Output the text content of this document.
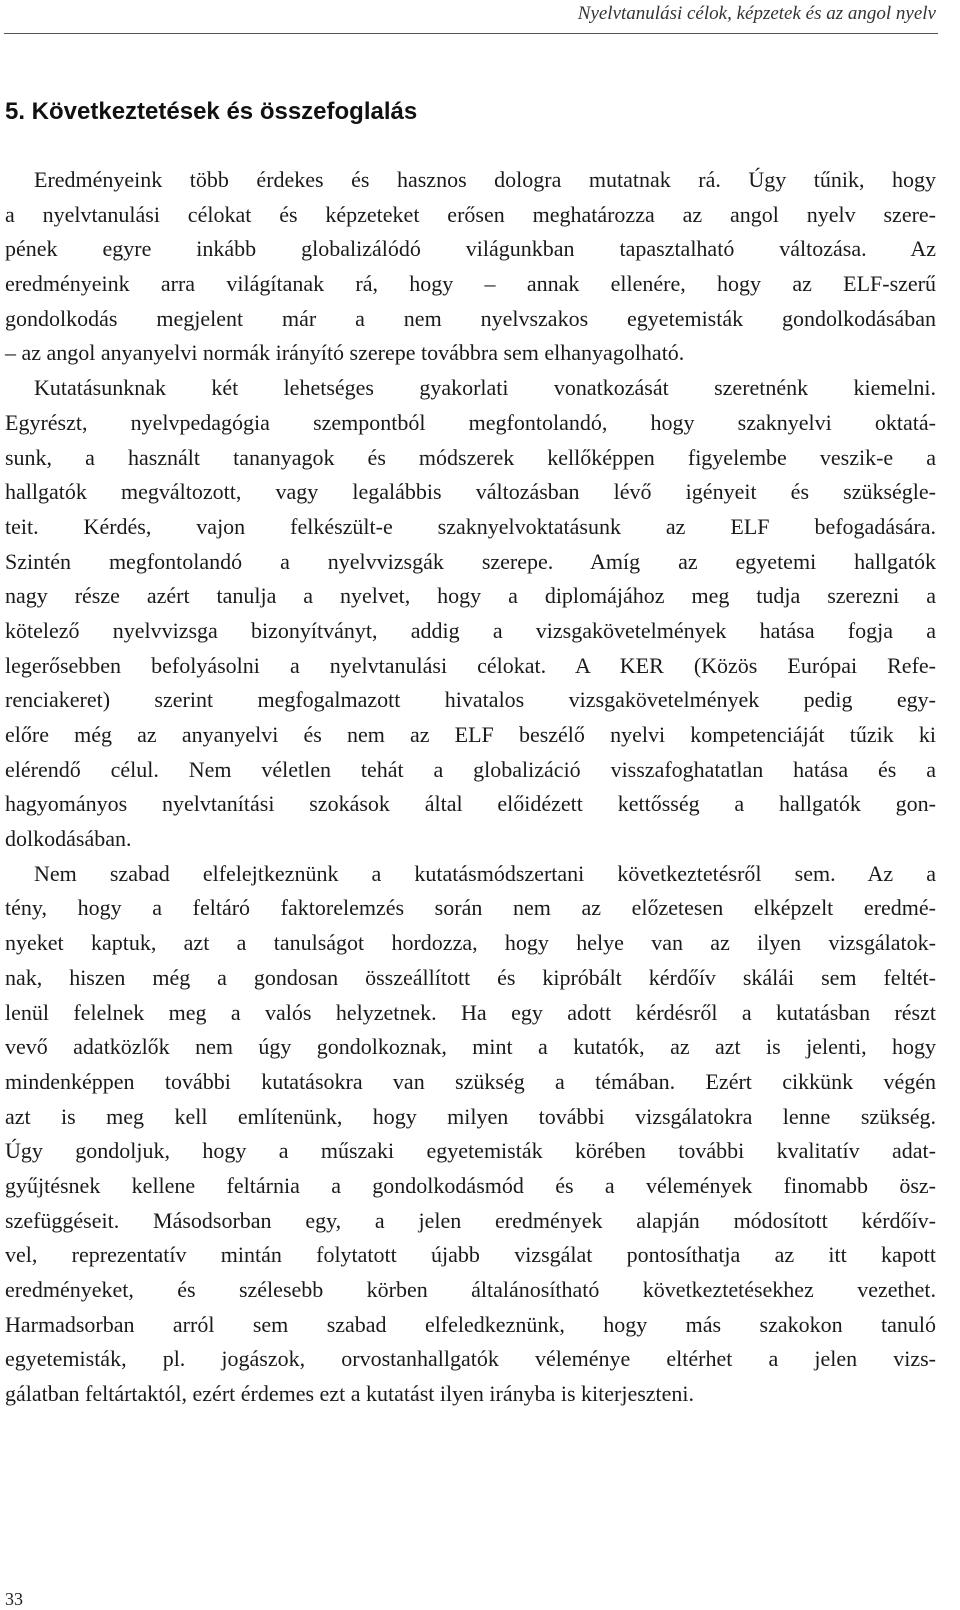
Nyelvtanulási célok, képzetek és az angol nyelv
5. Következtetések és összefoglalás
Eredményeink több érdekes és hasznos dologra mutatnak rá. Úgy tűnik, hogy
a nyelvtanulási célokat és képzeteket erősen meghatározza az angol nyelv szere-
pének egyre inkább globalizálódó világunkban tapasztalható változása. Az
eredményeink arra világítanak rá, hogy – annak ellenére, hogy az ELF-szerű
gondolkodás megjelent már a nem nyelvszakos egyetemisták gondolkodásában
– az angol anyanyelvi normák irányító szerepe továbbra sem elhanyagolható.
Kutatásunknak két lehetséges gyakorlati vonatkozását szeretnénk kiemelni.
Egyrészt, nyelvpedagógia szempontból megfontolandó, hogy szaknyelvi oktatá-
sunk, a használt tananyagok és módszerek kellőképpen figyelembe veszik-e a
hallgatók megváltozott, vagy legalábbis változásban lévő igényeit és szükségle-
teit. Kérdés, vajon felkészült-e szaknyelvoktatásunk az ELF befogadására.
Szintén megfontolandó a nyelvvizsgák szerepe. Amíg az egyetemi hallgatók
nagy része azért tanulja a nyelvet, hogy a diplomájához meg tudja szerezni a
kötelező nyelvvizsga bizonyítványt, addig a vizsgakövetelmények hatása fogja a
legerősebben befolyásolni a nyelvtanulási célokat. A KER (Közös Európai Refe-
renciakeret) szerint megfogalmazott hivatalos vizsgakövetelmények pedig egy-
előre még az anyanyelvi és nem az ELF beszélő nyelvi kompetenciáját tűzik ki
elérendő célul. Nem véletlen tehát a globalizáció visszafoghatatlan hatása és a
hagyományos nyelvtanítási szokások által előidézett kettősség a hallgatók gon-
dolkodásában.
Nem szabad elfelejtkeznünk a kutatásmódszertani következtetésről sem. Az a
tény, hogy a feltáró faktorelemzés során nem az előzetesen elképzelt eredmé-
nyeket kaptuk, azt a tanulságot hordozza, hogy helye van az ilyen vizsgálatok-
nak, hiszen még a gondosan összeállított és kipróbált kérdőív skálái sem feltét-
lenül felelnek meg a valós helyzetnek. Ha egy adott kérdésről a kutatásban részt
vevő adatközlők nem úgy gondolkoznak, mint a kutatók, az azt is jelenti, hogy
mindenképpen további kutatásokra van szükség a témában. Ezért cikkünk végén
azt is meg kell említenünk, hogy milyen további vizsgálatokra lenne szükség.
Úgy gondoljuk, hogy a műszaki egyetemisták körében további kvalitatív adat-
gyűjtésnek kellene feltárnia a gondolkodásmód és a vélemények finomabb ösz-
szefüggéseit. Másodsorban egy, a jelen eredmények alapján módosított kérdőív-
vel, reprezentatív mintán folytatott újabb vizsgálat pontosíthatja az itt kapott
eredményeket, és szélesebb körben általánosítható következtetésekhez vezethet.
Harmadsorban arról sem szabad elfeledkeznünk, hogy más szakokon tanuló
egyetemisták, pl. jogászok, orvostanhallgatók véleménye eltérhet a jelen vizs-
gálatban feltártaktól, ezért érdemes ezt a kutatást ilyen irányba is kiterjeszteni.
33
